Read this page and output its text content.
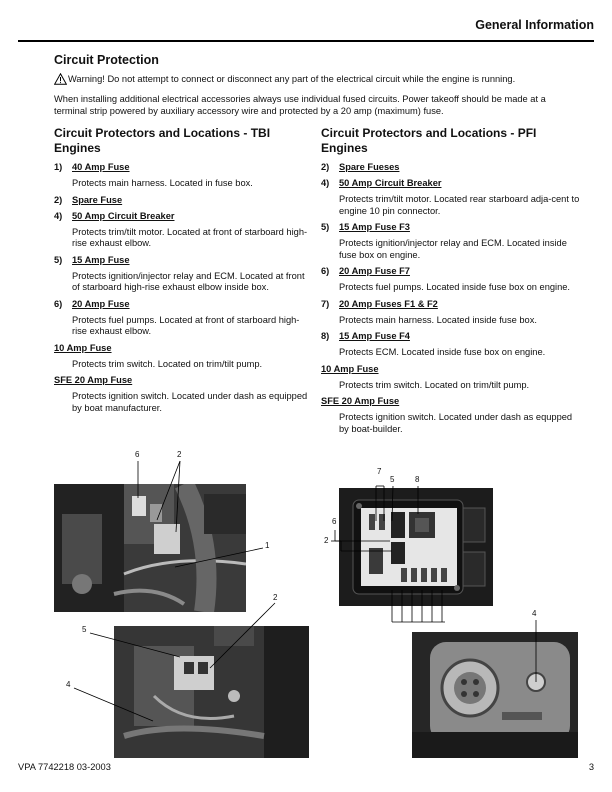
General Information
Circuit Protection
Warning! Do not attempt to connect or disconnect any part of the electrical circuit while the engine is running.
When installing additional electrical accessories always use individual fused circuits. Power takeoff should be made at a terminal strip powered by auxiliary accessory wire and protected by a 20 amp (maximum) fuse.
Circuit Protectors and Locations - TBI Engines
1)	40 Amp Fuse
Protects main harness. Located in fuse box.
2)	Spare Fuse
4)	50 Amp Circuit Breaker
Protects trim/tilt motor. Located at front of starboard high-rise exhaust elbow.
5)	15 Amp Fuse
Protects ignition/injector relay and ECM. Located at front of starboard high-rise exhaust elbow inside box.
6)	20 Amp Fuse
Protects fuel pumps. Located at front of starboard high-rise exhaust elbow.
10 Amp Fuse
Protects trim switch. Located on trim/tilt pump.
SFE 20 Amp Fuse
Protects ignition switch. Located under dash as equipped by boat manufacturer.
Circuit Protectors and Locations - PFI Engines
2)	Spare Fueses
4)	50 Amp Circuit Breaker
Protects trim/tilt motor. Located rear starboard adja-cent to engine 10 pin connector.
5)	15 Amp Fuse F3
Protects ignition/injector relay and ECM. Located inside fuse box on engine.
6)	20 Amp Fuse F7
Protects fuel pumps. Located inside fuse box on engine.
7)	20 Amp Fuses F1 & F2
Protects main harness. Located inside fuse box.
8)	15 Amp Fuse F4
Protects ECM. Located inside fuse box on engine.
10 Amp Fuse
Protects trim switch. Located on trim/tilt pump.
SFE 20 Amp Fuse
Protects ignition switch. Located under dash as equpped by boat-builder.
6	2
1
2
5
4
7
5	8
6
2
4
VPA 7742218 03-2003	3
